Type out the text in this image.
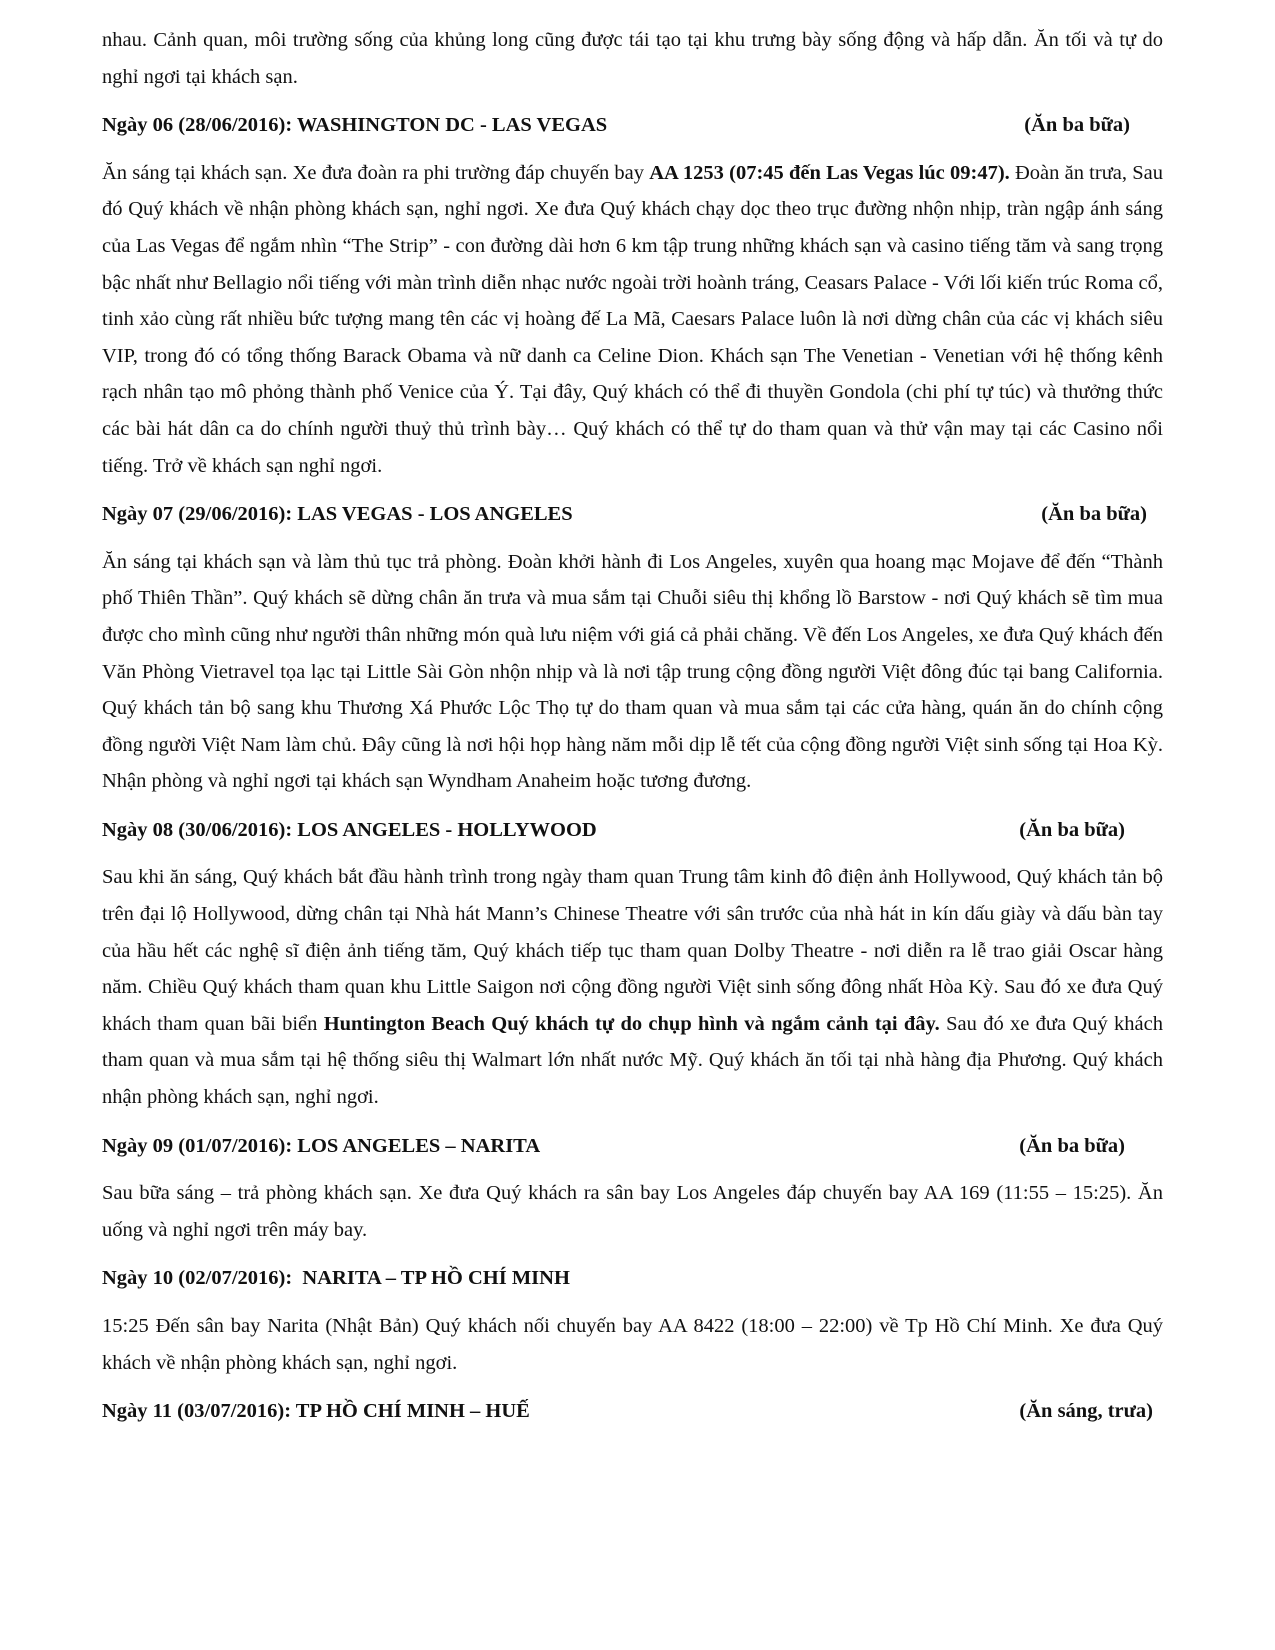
nhau. Cảnh quan, môi trường sống của khủng long cũng được tái tạo tại khu trưng bày sống động và hấp dẫn. Ăn tối và tự do nghỉ ngơi tại khách sạn.

Ngày 06 (28/06/2016): WASHINGTON DC - LAS VEGAS	(Ăn ba bữa)

Ăn sáng tại khách sạn. Xe đưa đoàn ra phi trường đáp chuyến bay AA 1253 (07:45 đến Las Vegas lúc 09:47). Đoàn ăn trưa, Sau đó Quý khách về nhận phòng khách sạn, nghỉ ngơi. Xe đưa Quý khách chạy dọc theo trục đường nhộn nhịp, tràn ngập ánh sáng của Las Vegas để ngắm nhìn “The Strip” - con đường dài hơn 6 km tập trung những khách sạn và casino tiếng tăm và sang trọng bậc nhất như Bellagio nổi tiếng với màn trình diễn nhạc nước ngoài trời hoành tráng, Ceasars Palace - Với lối kiến trúc Roma cổ, tinh xảo cùng rất nhiều bức tượng mang tên các vị hoàng đế La Mã, Caesars Palace luôn là nơi dừng chân của các vị khách siêu VIP, trong đó có tổng thống Barack Obama và nữ danh ca Celine Dion. Khách sạn The Venetian - Venetian với hệ thống kênh rạch nhân tạo mô phỏng thành phố Venice của Ý. Tại đây, Quý khách có thể đi thuyền Gondola (chi phí tự túc) và thưởng thức các bài hát dân ca do chính người thuỷ thủ trình bày… Quý khách có thể tự do tham quan và thử vận may tại các Casino nổi tiếng. Trở về khách sạn nghỉ ngơi.

Ngày 07 (29/06/2016): LAS VEGAS - LOS ANGELES	(Ăn ba bữa)

Ăn sáng tại khách sạn và làm thủ tục trả phòng. Đoàn khởi hành đi Los Angeles, xuyên qua hoang mạc Mojave để đến “Thành phố Thiên Thần”. Quý khách sẽ dừng chân ăn trưa và mua sắm tại Chuỗi siêu thị khổng lồ Barstow - nơi Quý khách sẽ tìm mua được cho mình cũng như người thân những món quà lưu niệm với giá cả phải chăng. Về đến Los Angeles, xe đưa Quý khách đến Văn Phòng Vietravel tọa lạc tại Little Sài Gòn nhộn nhịp và là nơi tập trung cộng đồng người Việt đông đúc tại bang California. Quý khách tản bộ sang khu Thương Xá Phước Lộc Thọ tự do tham quan và mua sắm tại các cửa hàng, quán ăn do chính cộng đồng người Việt Nam làm chủ. Đây cũng là nơi hội họp hàng năm mỗi dịp lễ tết của cộng đồng người Việt sinh sống tại Hoa Kỳ. Nhận phòng và nghỉ ngơi tại khách sạn Wyndham Anaheim hoặc tương đương.

Ngày 08 (30/06/2016): LOS ANGELES - HOLLYWOOD	(Ăn ba bữa)

Sau khi ăn sáng, Quý khách bắt đầu hành trình trong ngày tham quan Trung tâm kinh đô điện ảnh Hollywood, Quý khách tản bộ trên đại lộ Hollywood, dừng chân tại Nhà hát Mann’s Chinese Theatre với sân trước của nhà hát in kín dấu giày và dấu bàn tay của hầu hết các nghệ sĩ điện ảnh tiếng tăm, Quý khách tiếp tục tham quan Dolby Theatre - nơi diễn ra lễ trao giải Oscar hàng năm. Chiều Quý khách tham quan khu Little Saigon nơi cộng đồng người Việt sinh sống đông nhất Hòa Kỳ. Sau đó xe đưa Quý khách tham quan bãi biển Huntington Beach Quý khách tự do chụp hình và ngắm cảnh tại đây. Sau đó xe đưa Quý khách tham quan và mua sắm tại hệ thống siêu thị Walmart lớn nhất nước Mỹ. Quý khách ăn tối tại nhà hàng địa Phương. Quý khách nhận phòng khách sạn, nghỉ ngơi.

Ngày 09 (01/07/2016): LOS ANGELES – NARITA	(Ăn ba bữa)

Sau bữa sáng – trả phòng khách sạn. Xe đưa Quý khách ra sân bay Los Angeles đáp chuyến bay AA 169 (11:55 – 15:25). Ăn uống và nghỉ ngơi trên máy bay.

Ngày 10 (02/07/2016):  NARITA – TP HỒ CHÍ MINH

15:25 Đến sân bay Narita (Nhật Bản) Quý khách nối chuyến bay AA 8422 (18:00 – 22:00) về Tp Hồ Chí Minh. Xe đưa Quý khách về nhận phòng khách sạn, nghỉ ngơi.

Ngày 11 (03/07/2016): TP HỒ CHÍ MINH – HUẾ	(Ăn sáng, trưa)
